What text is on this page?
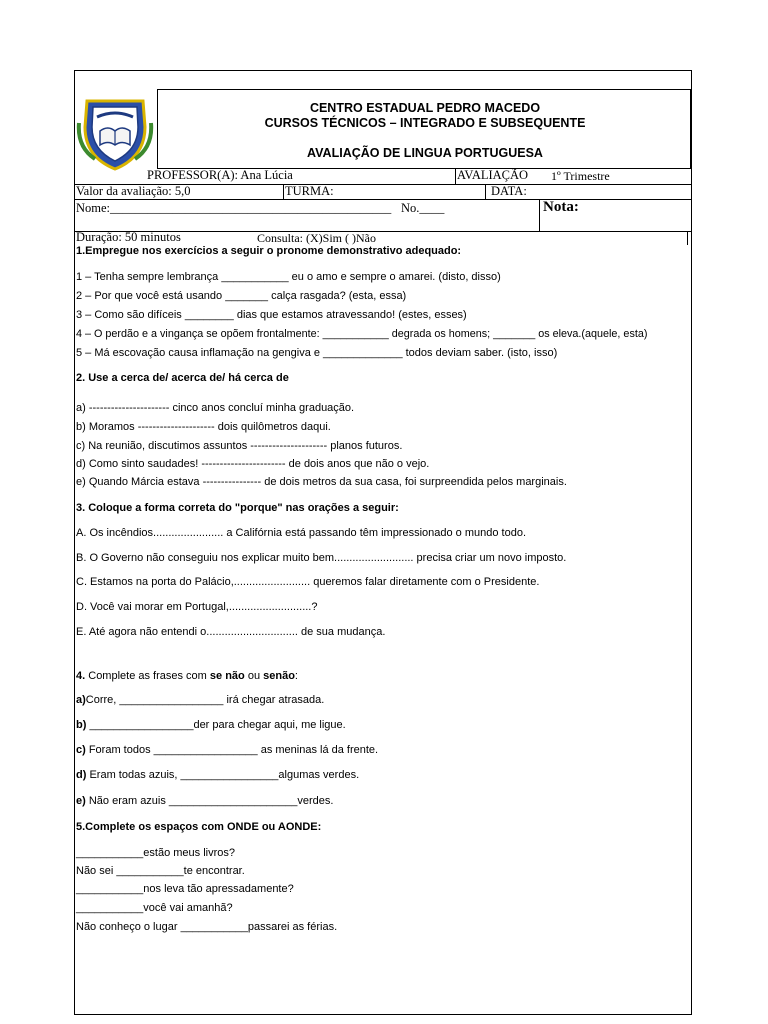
CENTRO ESTADUAL PEDRO MACEDO
CURSOS TÉCNICOS – INTEGRADO E SUBSEQUENTE
AVALIAÇÃO DE LINGUA PORTUGUESA
PROFESSOR(A): Ana Lúcia	AVALIAÇÃO 1º Trimestre
Valor da avaliação: 5,0	TURMA:	DATA:
Nome:_____________________________________________ No.____	Nota:
Duração: 50 minutos	Consulta: (X)Sim ( )Não
1.Empregue nos exercícios a seguir o pronome demonstrativo adequado:
1 – Tenha sempre lembrança ___________ eu o amo e sempre o amarei. (disto, disso)
2 – Por que você está usando _______ calça rasgada? (esta, essa)
3 – Como são difíceis ________ dias que estamos atravessando! (estes, esses)
4 – O perdão e a vingança se opõem frontalmente: ___________ degrada os homens; _______ os eleva.(aquele, esta)
5 – Má escovação causa inflamação na gengiva e _____________ todos deviam saber. (isto, isso)
2. Use a cerca de/ acerca de/ há cerca de
a) ---------------------- cinco anos concluí minha graduação.
b) Moramos --------------------- dois quilômetros daqui.
c) Na reunião, discutimos assuntos --------------------- planos futuros.
d) Como sinto saudades! ----------------------- de dois anos que não o vejo.
e) Quando Márcia estava ---------------- de dois metros da sua casa, foi surpreendida pelos marginais.
3. Coloque a forma correta do "porque" nas orações a seguir:
A. Os incêndios....................... a Califórnia está passando têm impressionado o mundo todo.
B. O Governo não conseguiu nos explicar muito bem.......................... precisa criar um novo imposto.
C. Estamos na porta do Palácio,......................... queremos falar diretamente com o Presidente.
D. Você vai morar em Portugal,...........................?
E. Até agora não entendi o.............................. de sua mudança.
4. Complete as frases com se não ou senão:
a)Corre, _________________ irá chegar atrasada.
b) _________________der para chegar aqui, me ligue.
c) Foram todos _________________ as meninas lá da frente.
d) Eram todas azuis, ________________algumas verdes.
e) Não eram azuis _____________________verdes.
5.Complete os espaços com ONDE ou AONDE:
___________estão meus livros?
Não sei ___________te encontrar.
___________nos leva tão apressadamente?
___________você vai amanhã?
Não conheço o lugar ___________passarei as férias.
